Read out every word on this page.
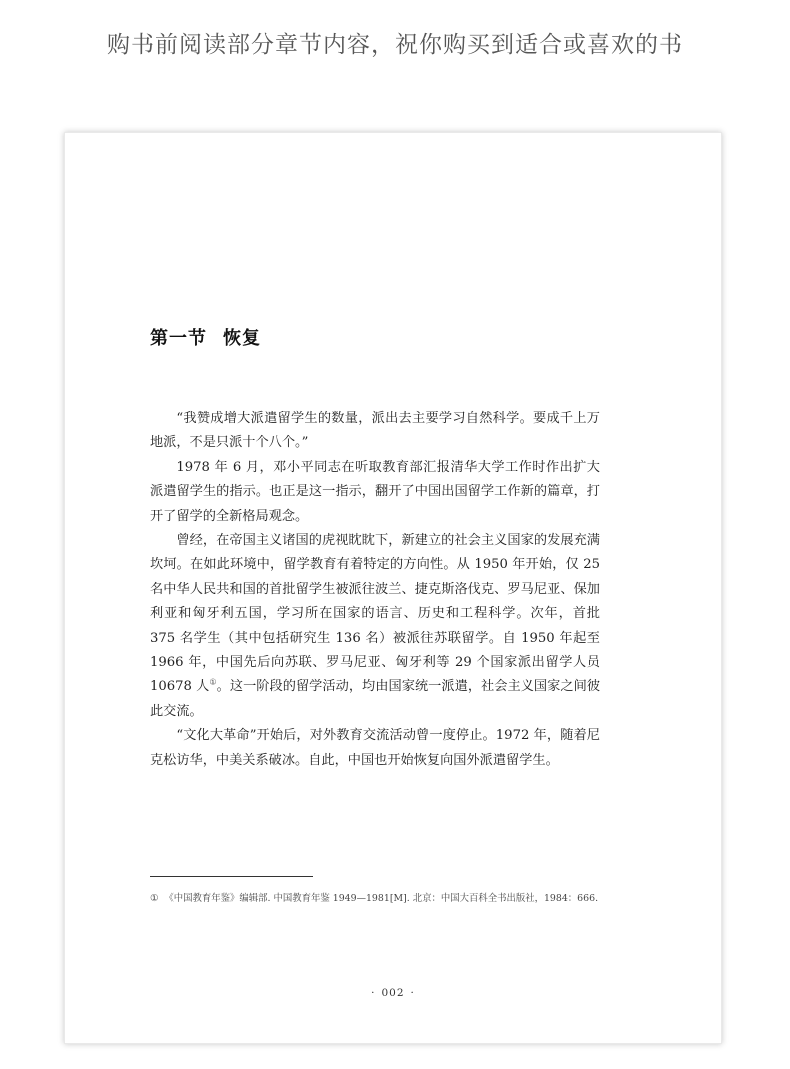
购书前阅读部分章节内容，祝你购买到适合或喜欢的书
第一节 恢复

“我赞成增大派遣留学生的数量，派出去主要学习自然科学。要成千上万地派，不是只派十个八个。”

1978 年 6 月，邓小平同志在听取教育部汇报清华大学工作时作出扩大派遣留学生的指示。也正是这一指示，翻开了中国出国留学工作新的篇章，打开了留学的全新格局观念。

曾经，在帝国主义诸国的虎视眈眈下，新建立的社会主义国家的发展充满坎坷。在如此环境中，留学教育有着特定的方向性。从 1950 年开始，仅 25 名中华人民共和国的首批留学生被派往波兰、捷克斯洛伐克、罗马尼亚、保加利亚和匈牙利五国，学习所在国家的语言、历史和工程科学。次年，首批 375 名学生（其中包括研究生 136 名）被派往苏联留学。自 1950 年起至 1966 年，中国先后向苏联、罗马尼亚、匈牙利等 29 个国家派出留学人员 10678 人①。这一阶段的留学活动，均由国家统一派遣，社会主义国家之间彼此交流。

“文化大革命”开始后，对外教育交流活动曾一度停止。1972 年，随着尼克松访华，中美关系破冰。自此，中国也开始恢复向国外派遣留学生。

① 《中国教育年鉴》编辑部. 中国教育年鉴 1949—1981[M]. 北京：中国大百科全书出版社，1984：666.
· 002 ·
